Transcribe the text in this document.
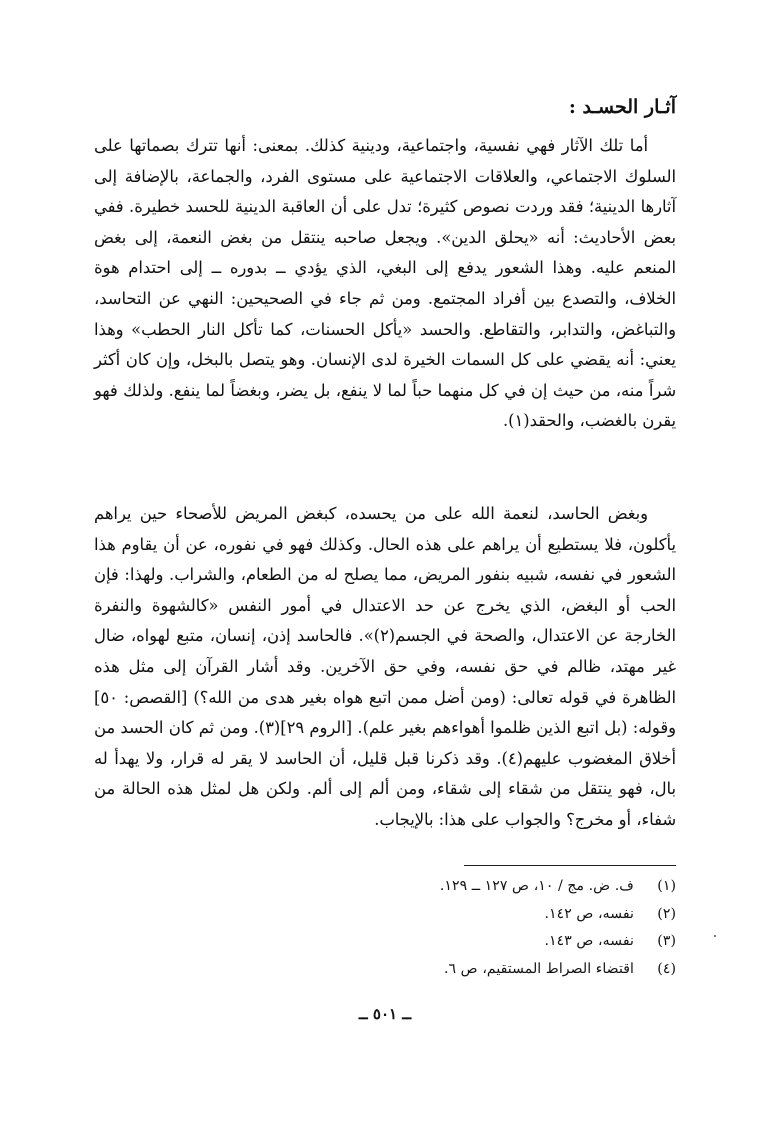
آثـار الحسـد :

أما تلك الآثار فهي نفسية، واجتماعية، ودينية كذلك. بمعنى: أنها تترك بصماتها على السلوك الاجتماعي، والعلاقات الاجتماعية على مستوى الفرد، والجماعة، بالإضافة إلى آثارها الدينية؛ فقد وردت نصوص كثيرة؛ تدل على أن العاقبة الدينية للحسد خطيرة. ففي بعض الأحاديث: أنه «يحلق الدين». ويجعل صاحبه ينتقل من بغض النعمة، إلى بغض المنعم عليه. وهذا الشعور يدفع إلى البغي، الذي يؤدي ــ بدوره ــ إلى احتدام هوة الخلاف، والتصدع بين أفراد المجتمع. ومن ثم جاء في الصحيحين: النهي عن التحاسد، والتباغض، والتدابر، والتقاطع. والحسد «يأكل الحسنات، كما تأكل النار الحطب» وهذا يعني: أنه يقضي على كل السمات الخيرة لدى الإنسان. وهو يتصل بالبخل، وإن كان أكثر شراً منه، من حيث إن في كل منهما حباً لما لا ينفع، بل يضر، وبغضاً لما ينفع. ولذلك فهو يقرن بالغضب، والحقد(١).

وبغض الحاسد، لنعمة الله على من يحسده، كبغض المريض للأصحاء حين يراهم يأكلون، فلا يستطيع أن يراهم على هذه الحال. وكذلك فهو في نفوره، عن أن يقاوم هذا الشعور في نفسه، شبيه بنفور المريض، مما يصلح له من الطعام، والشراب. ولهذا: فإن الحب أو البغض، الذي يخرج عن حد الاعتدال في أمور النفس «كالشهوة والنفرة الخارجة عن الاعتدال، والصحة في الجسم(٢)». فالحاسد إذن، إنسان، متبع لهواه، ضال غير مهتد، ظالم في حق نفسه، وفي حق الآخرين. وقد أشار القرآن إلى مثل هذه الظاهرة في قوله تعالى: (ومن أضل ممن اتبع هواه بغير هدى من الله؟) [القصص: ٥٠] وقوله: (بل اتبع الذين ظلموا أهواءهم بغير علم). [الروم ٢٩](٣). ومن ثم كان الحسد من أخلاق المغضوب عليهم(٤). وقد ذكرنا قبل قليل، أن الحاسد لا يقر له قرار، ولا يهدأ له بال، فهو ينتقل من شقاء إلى شقاء، ومن ألم إلى ألم. ولكن هل لمثل هذه الحالة من شفاء، أو مخرج؟ والجواب على هذا: بالإيجاب.

(١)ف. ض. مج / ١٠، ص ١٢٧ ــ ١٢٩.
(٢)نفسه، ص ١٤٢.
(٣)نفسه، ص ١٤٣.
(٤)اقتضاء الصراط المستقيم، ص ٦.
ــ ٥٠١ ــ
